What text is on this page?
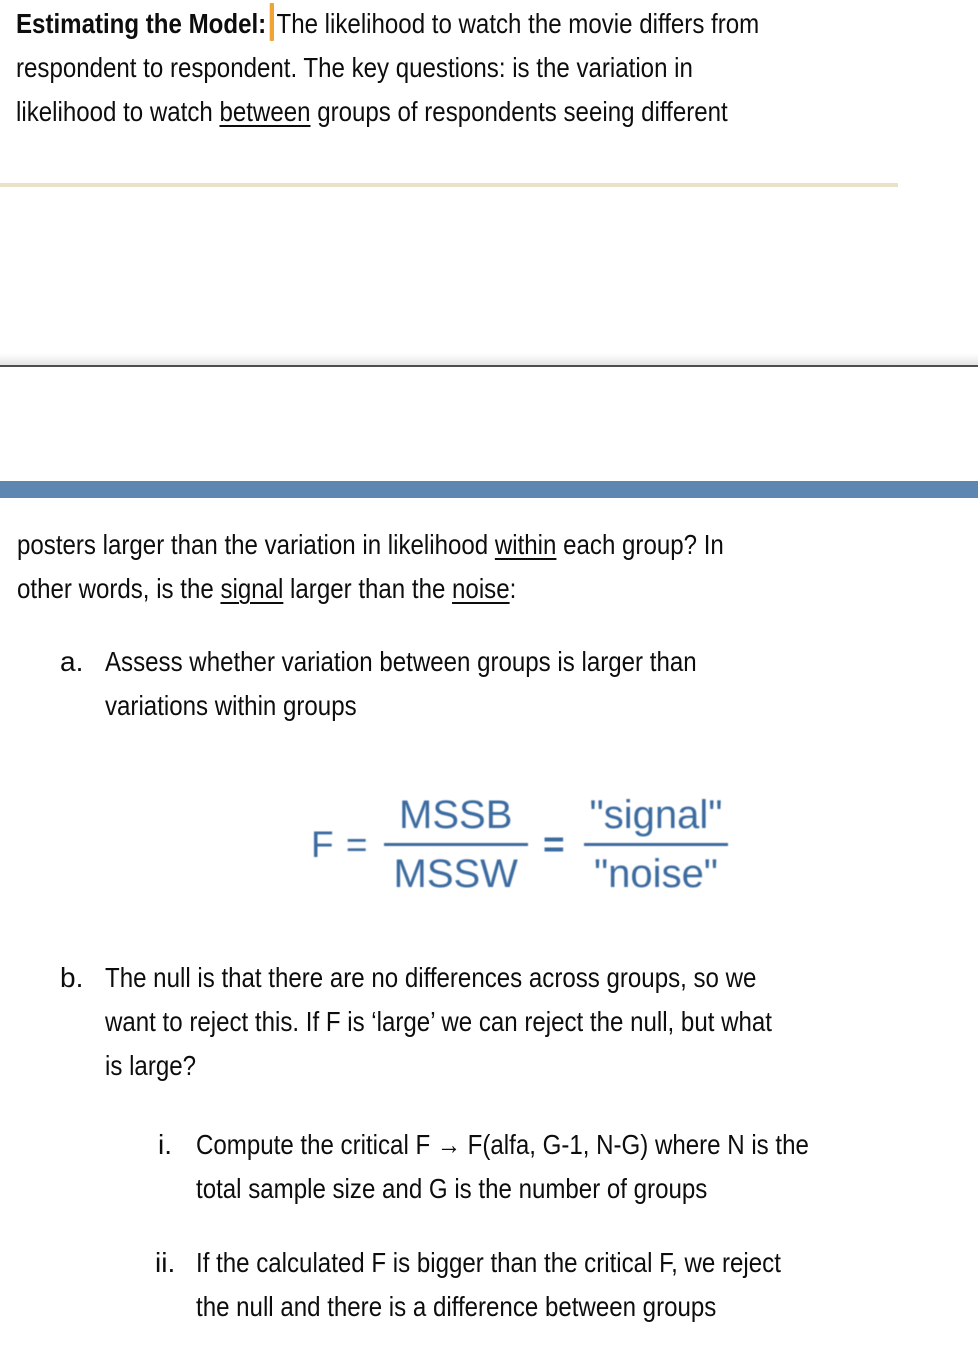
Estimating the Model: The likelihood to watch the movie differs from
respondent to respondent. The key questions: is the variation in
likelihood to watch between groups of respondents seeing different
posters larger than the variation in likelihood within each group? In
other words, is the signal larger than the noise:
a. Assess whether variation between groups is larger than
variations within groups
$F = \frac{\text{MSSB}}{\text{MSSW}} = \frac{\text{"signal"}}{\text{"noise"}}$
b. The null is that there are no differences across groups, so we
want to reject this. If F is ‘large’ we can reject the null, but what
is large?
i. Compute the critical F → F(alfa, G-1, N-G) where N is the
total sample size and G is the number of groups
ii. If the calculated F is bigger than the critical F, we reject
the null and there is a difference between groups
